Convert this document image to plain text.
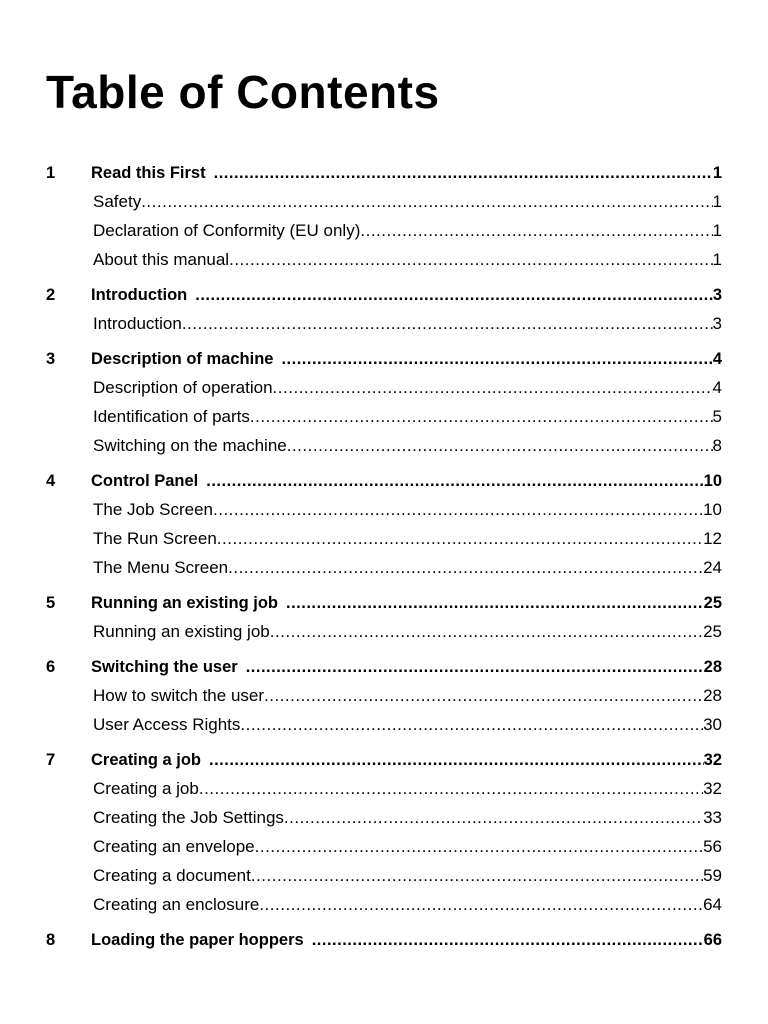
Table of Contents
1	Read this First .....	1
Safety .....	1
Declaration of Conformity (EU only) .....	1
About this manual .....	1
2	Introduction .....	3
Introduction .....	3
3	Description of machine .....	4
Description of operation .....	4
Identification of parts .....	5
Switching on the machine .....	8
4	Control Panel .....	10
The Job Screen .....	10
The Run Screen .....	12
The Menu Screen .....	24
5	Running an existing job .....	25
Running an existing job .....	25
6	Switching the user .....	28
How to switch the user .....	28
User Access Rights .....	30
7	Creating a job .....	32
Creating a job .....	32
Creating the Job Settings .....	33
Creating an envelope .....	56
Creating a document .....	59
Creating an enclosure .....	64
8	Loading the paper hoppers .....	66
